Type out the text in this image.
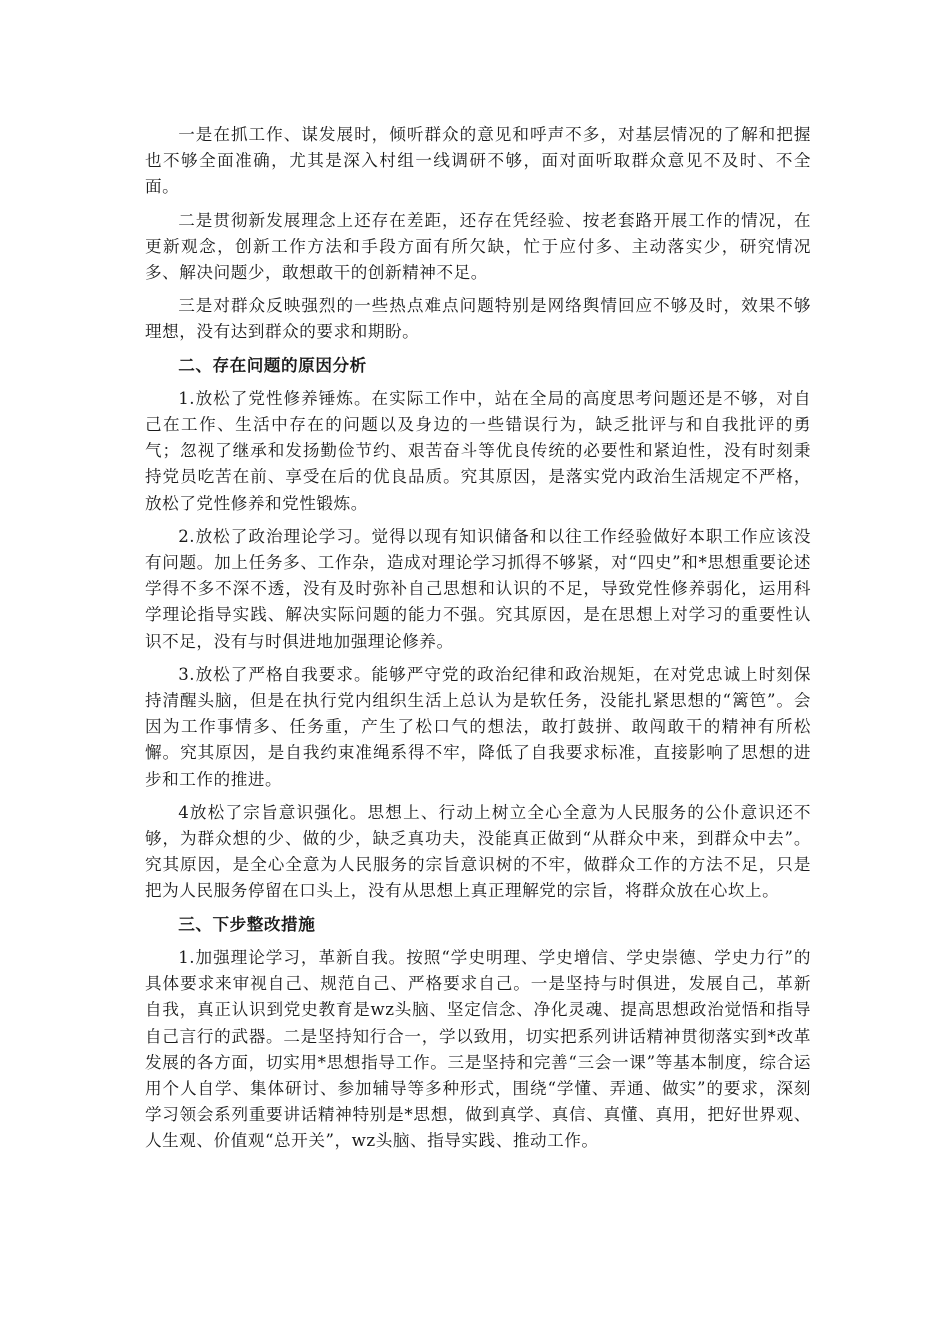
一是在抓工作、谋发展时，倾听群众的意见和呼声不多，对基层情况的了解和把握也不够全面准确，尤其是深入村组一线调研不够，面对面听取群众意见不及时、不全面。

二是贯彻新发展理念上还存在差距，还存在凭经验、按老套路开展工作的情况，在更新观念，创新工作方法和手段方面有所欠缺，忙于应付多、主动落实少，研究情况多、解决问题少，敢想敢干的创新精神不足。

三是对群众反映强烈的一些热点难点问题特别是网络舆情回应不够及时，效果不够理想，没有达到群众的要求和期盼。

二、存在问题的原因分析

1.放松了党性修养锤炼。在实际工作中，站在全局的高度思考问题还是不够，对自己在工作、生活中存在的问题以及身边的一些错误行为，缺乏批评与和自我批评的勇气；忽视了继承和发扬勤俭节约、艰苦奋斗等优良传统的必要性和紧迫性，没有时刻秉持党员吃苦在前、享受在后的优良品质。究其原因，是落实党内政治生活规定不严格，放松了党性修养和党性锻炼。

2.放松了政治理论学习。觉得以现有知识储备和以往工作经验做好本职工作应该没有问题。加上任务多、工作杂，造成对理论学习抓得不够紧，对“四史”和*思想重要论述学得不多不深不透，没有及时弥补自己思想和认识的不足，导致党性修养弱化，运用科学理论指导实践、解决实际问题的能力不强。究其原因，是在思想上对学习的重要性认识不足，没有与时俱进地加强理论修养。

3.放松了严格自我要求。能够严守党的政治纪律和政治规矩，在对党忠诚上时刻保持清醒头脑，但是在执行党内组织生活上总认为是软任务，没能扎紧思想的“篱笆”。会因为工作事情多、任务重，产生了松口气的想法，敢打鼓拼、敢闯敢干的精神有所松懈。究其原因，是自我约束准绳系得不牢，降低了自我要求标准，直接影响了思想的进步和工作的推进。

4放松了宗旨意识强化。思想上、行动上树立全心全意为人民服务的公仆意识还不够，为群众想的少、做的少，缺乏真功夫，没能真正做到“从群众中来，到群众中去”。究其原因，是全心全意为人民服务的宗旨意识树的不牢，做群众工作的方法不足，只是把为人民服务停留在口头上，没有从思想上真正理解党的宗旨，将群众放在心坎上。

三、下步整改措施

1.加强理论学习，革新自我。按照“学史明理、学史增信、学史崇德、学史力行”的具体要求来审视自己、规范自己、严格要求自己。一是坚持与时俱进，发展自己，革新自我，真正认识到党史教育是wz头脑、坚定信念、净化灵魂、提高思想政治觉悟和指导自己言行的武器。二是坚持知行合一，学以致用，切实把系列讲话精神贯彻落实到*改革发展的各方面，切实用*思想指导工作。三是坚持和完善“三会一课”等基本制度，综合运用个人自学、集体研讨、参加辅导等多种形式，围绕“学懂、弄通、做实”的要求，深刻学习领会系列重要讲话精神特别是*思想，做到真学、真信、真懂、真用，把好世界观、人生观、价值观“总开关”，wz头脑、指导实践、推动工作。
